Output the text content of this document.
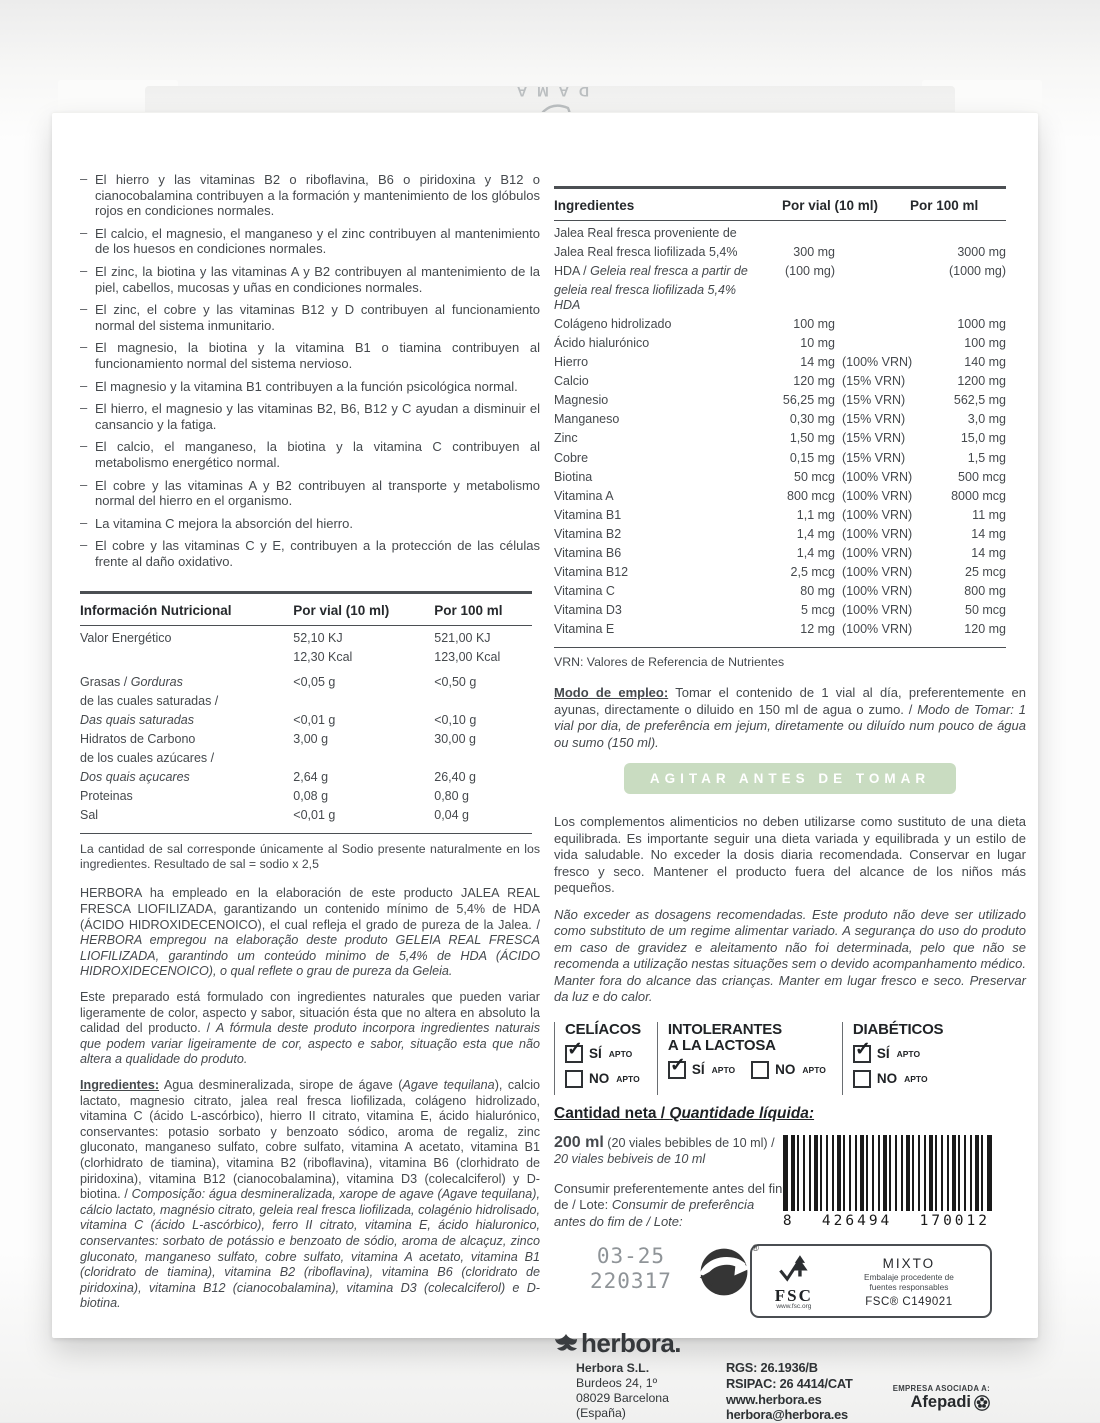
DAMA
– El hierro y las vitaminas B2 o riboflavina, B6 o piridoxina y B12 o cianocobalamina contribuyen a la formación y mantenimiento de los glóbulos rojos en condiciones normales.
– El calcio, el magnesio, el manganeso y el zinc contribuyen al mantenimiento de los huesos en condiciones normales.
– El zinc, la biotina y las vitaminas A y B2 contribuyen al mantenimiento de la piel, cabellos, mucosas y uñas en condiciones normales.
– El zinc, el cobre y las vitaminas B12 y D contribuyen al funcionamiento normal del sistema inmunitario.
– El magnesio, la biotina y la vitamina B1 o tiamina contribuyen al funcionamiento normal del sistema nervioso.
– El magnesio y la vitamina B1 contribuyen a la función psicológica normal.
– El hierro, el magnesio y las vitaminas B2, B6, B12 y C ayudan a disminuir el cansancio y la fatiga.
– El calcio, el manganeso, la biotina y la vitamina C contribuyen al metabolismo energético normal.
– El cobre y las vitaminas A y B2 contribuyen al transporte y metabolismo normal del hierro en el organismo.
– La vitamina C mejora la absorción del hierro.
– El cobre y las vitaminas C y E, contribuyen a la protección de las células frente al daño oxidativo.
Información Nutricional	Por vial (10 ml)	Por 100 ml
Valor Energético	52,10 KJ	521,00 KJ
12,30 Kcal	123,00 Kcal
Grasas / Gorduras	<0,05 g	<0,50 g
de las cuales saturadas /
Das quais saturadas	<0,01 g	<0,10 g
Hidratos de Carbono	3,00 g	30,00 g
de los cuales azúcares /
Dos quais açucares	2,64 g	26,40 g
Proteinas	0,08 g	0,80 g
Sal	<0,01 g	0,04 g

La cantidad de sal corresponde únicamente al Sodio presente naturalmente en los ingredientes. Resultado de sal = sodio x 2,5

HERBORA ha empleado en la elaboración de este producto JALEA REAL FRESCA LIOFILIZADA, garantizando un contenido mínimo de 5,4% de HDA (ÁCIDO HIDROXIDECENOICO), el cual refleja el grado de pureza de la Jalea. / HERBORA empregou na elaboração deste produto GELEIA REAL FRESCA LIOFILIZADA, garantindo um conteúdo minimo de 5,4% de HDA (ÁCIDO HIDROXIDECENOICO), o qual reflete o grau de pureza da Geleia.

Este preparado está formulado con ingredientes naturales que pueden variar ligeramente de color, aspecto y sabor, situación ésta que no altera en absoluto la calidad del producto. / A fórmula deste produto incorpora ingredientes naturais que podem variar ligeiramente de cor, aspecto e sabor, situação esta que não altera a qualidade do produto.

Ingredientes: Agua desmineralizada, sirope de ágave (Agave tequilana), calcio lactato, magnesio citrato, jalea real fresca liofilizada, colágeno hidrolizado, vitamina C (ácido L-ascórbico), hierro II citrato, vitamina E, ácido hialurónico, conservantes: potasio sorbato y benzoato sódico, aroma de regaliz, zinc gluconato, manganeso sulfato, cobre sulfato, vitamina A acetato, vitamina B1 (clorhidrato de tiamina), vitamina B2 (riboflavina), vitamina B6 (clorhidrato de piridoxina), vitamina B12 (cianocobalamina), vitamina D3 (colecalciferol) y D-biotina. / Composição: água desmineralizada, xarope de agave (Agave tequilana), cálcio lactato, magnésio citrato, geleia real fresca liofilizada, colagénio hidrolisado, vitamina C (ácido L-ascórbico), ferro II citrato, vitamina E, ácido hialuronico, conservantes: sorbato de potássio e benzoato de sódio, aroma de alcaçuz, zinco gluconato, manganeso sulfato, cobre sulfato, vitamina A acetato, vitamina B1 (cloridrato de tiamina), vitamina B2 (riboflavina), vitamina B6 (cloridrato de piridoxina), vitamina B12 (cianocobalamina), vitamina D3 (colecalciferol) e D-biotina.

Ingredientes	Por vial (10 ml)	Por 100 ml
Jalea Real fresca proveniente de
Jalea Real fresca liofilizada 5,4%	300 mg	3000 mg
HDA / Geleia real fresca a partir de	(100 mg)	(1000 mg)
geleia real fresca liofilizada 5,4% HDA
Colágeno hidrolizado	100 mg	1000 mg
Ácido hialurónico	10 mg	100 mg
Hierro	14 mg (100% VRN)	140 mg
Calcio	120 mg (15% VRN)	1200 mg
Magnesio	56,25 mg (15% VRN)	562,5 mg
Manganeso	0,30 mg (15% VRN)	3,0 mg
Zinc	1,50 mg (15% VRN)	15,0 mg
Cobre	0,15 mg (15% VRN)	1,5 mg
Biotina	50 mcg (100% VRN)	500 mcg
Vitamina A	800 mcg (100% VRN)	8000 mcg
Vitamina B1	1,1 mg (100% VRN)	11 mg
Vitamina B2	1,4 mg (100% VRN)	14 mg
Vitamina B6	1,4 mg (100% VRN)	14 mg
Vitamina B12	2,5 mcg (100% VRN)	25 mcg
Vitamina C	80 mg (100% VRN)	800 mg
Vitamina D3	5 mcg (100% VRN)	50 mcg
Vitamina E	12 mg (100% VRN)	120 mg

VRN: Valores de Referencia de Nutrientes

Modo de empleo: Tomar el contenido de 1 vial al día, preferentemente en ayunas, directamente o diluido en 150 ml de agua o zumo. / Modo de Tomar: 1 vial por dia, de preferência em jejum, diretamente ou diluído num pouco de água ou sumo (150 ml).

AGITAR ANTES DE TOMAR

Los complementos alimenticios no deben utilizarse como sustituto de una dieta equilibrada. Es importante seguir una dieta variada y equilibrada y un estilo de vida saludable. No exceder la dosis diaria recomendada. Conservar en lugar fresco y seco. Mantener el producto fuera del alcance de los niños más pequeños.

Não exceder as dosagens recomendadas. Este produto não deve ser utilizado como substituto de um regime alimentar variado. A segurança do uso do produto em caso de gravidez e aleitamento não foi determinada, pelo que não se recomenda a utilização nestas situações sem o devido acompanhamento médico. Manter fora do alcance das crianças. Manter em lugar fresco e seco. Preservar da luz e do calor.

CELÍACOS
✓ SÍ APTO
NO APTO
INTOLERANTES
A LA LACTOSA
✓ SÍ APTO	NO APTO
DIABÉTICOS
✓ SÍ APTO
NO APTO
Cantidad neta / Quantidade líquida:

200 ml (20 viales bebibles de 10 ml) /
20 viales bebiveis de 10 ml

Consumir preferentemente antes del fin de / Lote: Consumir de preferência antes do fim de / Lote:	8 426494 170012
03-25
220317
®
FSC
www.fsc.org
MIXTO
Embalaje procedente de
fuentes responsables
FSC® C149021
herbora.
Herbora S.L.
Burdeos 24, 1º
08029 Barcelona
(España)
RGS: 26.1936/B
RSIPAC: 26 4414/CAT
www.herbora.es
herbora@herbora.es
EMPRESA ASOCIADA A:
Afepadi
